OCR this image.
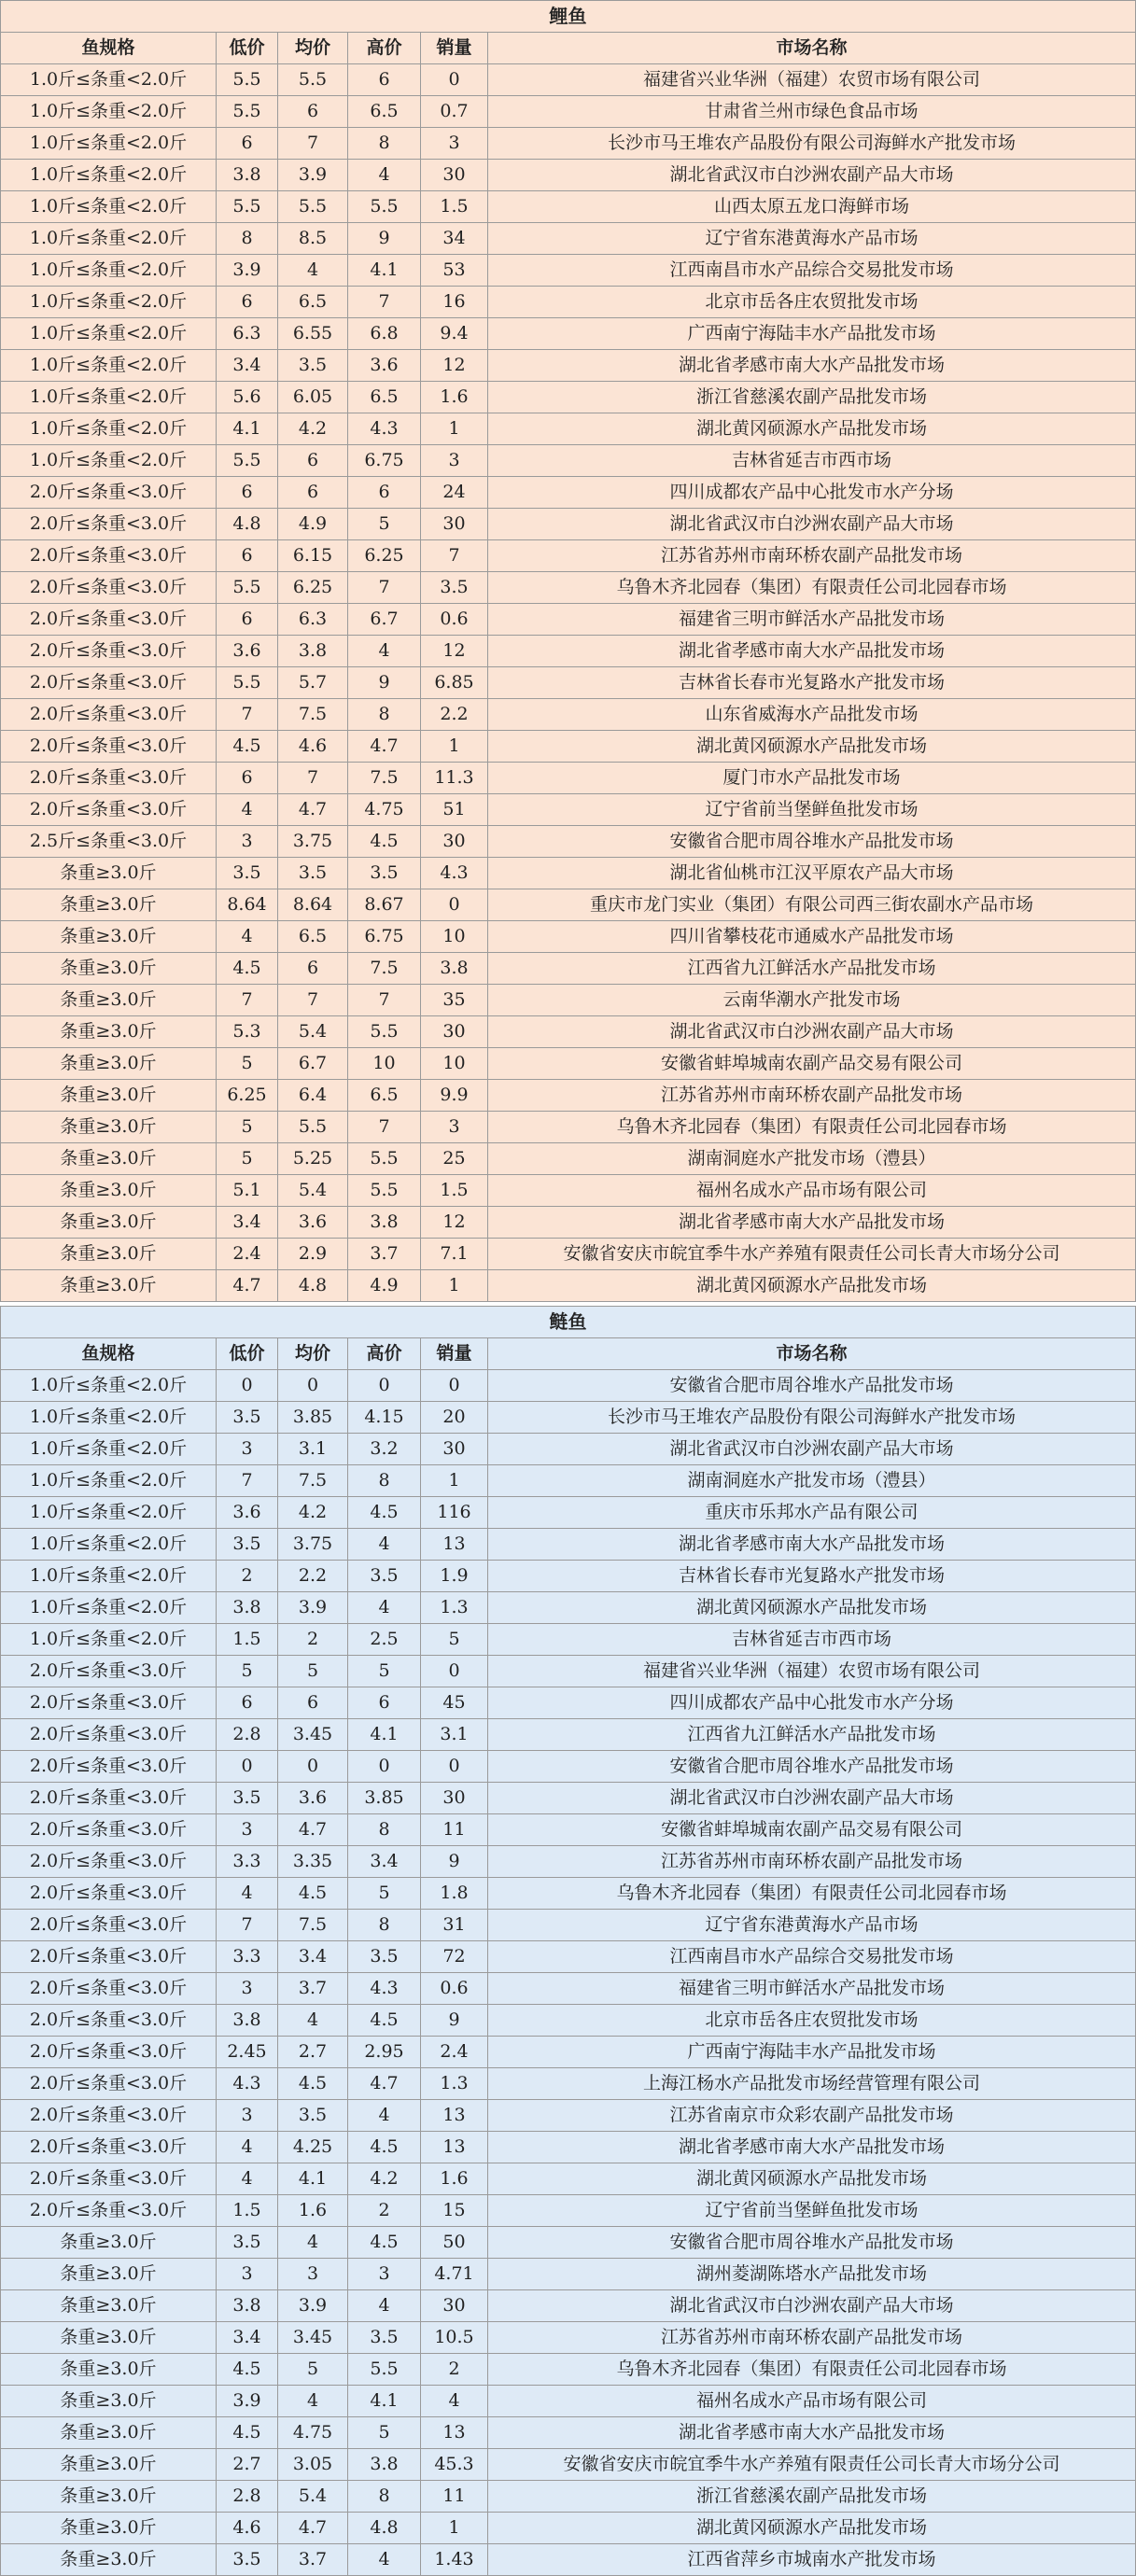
鲤鱼					
鱼规格	低价	均价	高价	销量	市场名称
1.0斤≤条重<2.0斤	5.5	5.5	6	0	福建省兴业华洲（福建）农贸市场有限公司
1.0斤≤条重<2.0斤	5.5	6	6.5	0.7	甘肃省兰州市绿色食品市场
1.0斤≤条重<2.0斤	6	7	8	3	长沙市马王堆农产品股份有限公司海鲜水产批发市场
1.0斤≤条重<2.0斤	3.8	3.9	4	30	湖北省武汉市白沙洲农副产品大市场
1.0斤≤条重<2.0斤	5.5	5.5	5.5	1.5	山西太原五龙口海鲜市场
1.0斤≤条重<2.0斤	8	8.5	9	34	辽宁省东港黄海水产品市场
1.0斤≤条重<2.0斤	3.9	4	4.1	53	江西南昌市水产品综合交易批发市场
1.0斤≤条重<2.0斤	6	6.5	7	16	北京市岳各庄农贸批发市场
1.0斤≤条重<2.0斤	6.3	6.55	6.8	9.4	广西南宁海陆丰水产品批发市场
1.0斤≤条重<2.0斤	3.4	3.5	3.6	12	湖北省孝感市南大水产品批发市场
1.0斤≤条重<2.0斤	5.6	6.05	6.5	1.6	浙江省慈溪农副产品批发市场
1.0斤≤条重<2.0斤	4.1	4.2	4.3	1	湖北黄冈硕源水产品批发市场
1.0斤≤条重<2.0斤	5.5	6	6.75	3	吉林省延吉市西市场
2.0斤≤条重<3.0斤	6	6	6	24	四川成都农产品中心批发市水产分场
2.0斤≤条重<3.0斤	4.8	4.9	5	30	湖北省武汉市白沙洲农副产品大市场
2.0斤≤条重<3.0斤	6	6.15	6.25	7	江苏省苏州市南环桥农副产品批发市场
2.0斤≤条重<3.0斤	5.5	6.25	7	3.5	乌鲁木齐北园春（集团）有限责任公司北园春市场
2.0斤≤条重<3.0斤	6	6.3	6.7	0.6	福建省三明市鲜活水产品批发市场
2.0斤≤条重<3.0斤	3.6	3.8	4	12	湖北省孝感市南大水产品批发市场
2.0斤≤条重<3.0斤	5.5	5.7	9	6.85	吉林省长春市光复路水产批发市场
2.0斤≤条重<3.0斤	7	7.5	8	2.2	山东省威海水产品批发市场
2.0斤≤条重<3.0斤	4.5	4.6	4.7	1	湖北黄冈硕源水产品批发市场
2.0斤≤条重<3.0斤	6	7	7.5	11.3	厦门市水产品批发市场
2.0斤≤条重<3.0斤	4	4.7	4.75	51	辽宁省前当堡鲜鱼批发市场
2.5斤≤条重<3.0斤	3	3.75	4.5	30	安徽省合肥市周谷堆水产品批发市场
条重≥3.0斤	3.5	3.5	3.5	4.3	湖北省仙桃市江汉平原农产品大市场
条重≥3.0斤	8.64	8.64	8.67	0	重庆市龙门实业（集团）有限公司西三街农副水产品市场
条重≥3.0斤	4	6.5	6.75	10	四川省攀枝花市通威水产品批发市场
条重≥3.0斤	4.5	6	7.5	3.8	江西省九江鲜活水产品批发市场
条重≥3.0斤	7	7	7	35	云南华潮水产批发市场
条重≥3.0斤	5.3	5.4	5.5	30	湖北省武汉市白沙洲农副产品大市场
条重≥3.0斤	5	6.7	10	10	安徽省蚌埠城南农副产品交易有限公司
条重≥3.0斤	6.25	6.4	6.5	9.9	江苏省苏州市南环桥农副产品批发市场
条重≥3.0斤	5	5.5	7	3	乌鲁木齐北园春（集团）有限责任公司北园春市场
条重≥3.0斤	5	5.25	5.5	25	湖南洞庭水产批发市场（澧县）
条重≥3.0斤	5.1	5.4	5.5	1.5	福州名成水产品市场有限公司
条重≥3.0斤	3.4	3.6	3.8	12	湖北省孝感市南大水产品批发市场
条重≥3.0斤	2.4	2.9	3.7	7.1	安徽省安庆市皖宜季牛水产养殖有限责任公司长青大市场分公司
条重≥3.0斤	4.7	4.8	4.9	1	湖北黄冈硕源水产品批发市场
鲢鱼					
鱼规格	低价	均价	高价	销量	市场名称
1.0斤≤条重<2.0斤	0	0	0	0	安徽省合肥市周谷堆水产品批发市场
1.0斤≤条重<2.0斤	3.5	3.85	4.15	20	长沙市马王堆农产品股份有限公司海鲜水产批发市场
1.0斤≤条重<2.0斤	3	3.1	3.2	30	湖北省武汉市白沙洲农副产品大市场
1.0斤≤条重<2.0斤	7	7.5	8	1	湖南洞庭水产批发市场（澧县）
1.0斤≤条重<2.0斤	3.6	4.2	4.5	116	重庆市乐邦水产品有限公司
1.0斤≤条重<2.0斤	3.5	3.75	4	13	湖北省孝感市南大水产品批发市场
1.0斤≤条重<2.0斤	2	2.2	3.5	1.9	吉林省长春市光复路水产批发市场
1.0斤≤条重<2.0斤	3.8	3.9	4	1.3	湖北黄冈硕源水产品批发市场
1.0斤≤条重<2.0斤	1.5	2	2.5	5	吉林省延吉市西市场
2.0斤≤条重<3.0斤	5	5	5	0	福建省兴业华洲（福建）农贸市场有限公司
2.0斤≤条重<3.0斤	6	6	6	45	四川成都农产品中心批发市水产分场
2.0斤≤条重<3.0斤	2.8	3.45	4.1	3.1	江西省九江鲜活水产品批发市场
2.0斤≤条重<3.0斤	0	0	0	0	安徽省合肥市周谷堆水产品批发市场
2.0斤≤条重<3.0斤	3.5	3.6	3.85	30	湖北省武汉市白沙洲农副产品大市场
2.0斤≤条重<3.0斤	3	4.7	8	11	安徽省蚌埠城南农副产品交易有限公司
2.0斤≤条重<3.0斤	3.3	3.35	3.4	9	江苏省苏州市南环桥农副产品批发市场
2.0斤≤条重<3.0斤	4	4.5	5	1.8	乌鲁木齐北园春（集团）有限责任公司北园春市场
2.0斤≤条重<3.0斤	7	7.5	8	31	辽宁省东港黄海水产品市场
2.0斤≤条重<3.0斤	3.3	3.4	3.5	72	江西南昌市水产品综合交易批发市场
2.0斤≤条重<3.0斤	3	3.7	4.3	0.6	福建省三明市鲜活水产品批发市场
2.0斤≤条重<3.0斤	3.8	4	4.5	9	北京市岳各庄农贸批发市场
2.0斤≤条重<3.0斤	2.45	2.7	2.95	2.4	广西南宁海陆丰水产品批发市场
2.0斤≤条重<3.0斤	4.3	4.5	4.7	1.3	上海江杨水产品批发市场经营管理有限公司
2.0斤≤条重<3.0斤	3	3.5	4	13	江苏省南京市众彩农副产品批发市场
2.0斤≤条重<3.0斤	4	4.25	4.5	13	湖北省孝感市南大水产品批发市场
2.0斤≤条重<3.0斤	4	4.1	4.2	1.6	湖北黄冈硕源水产品批发市场
2.0斤≤条重<3.0斤	1.5	1.6	2	15	辽宁省前当堡鲜鱼批发市场
条重≥3.0斤	3.5	4	4.5	50	安徽省合肥市周谷堆水产品批发市场
条重≥3.0斤	3	3	3	4.71	湖州菱湖陈塔水产品批发市场
条重≥3.0斤	3.8	3.9	4	30	湖北省武汉市白沙洲农副产品大市场
条重≥3.0斤	3.4	3.45	3.5	10.5	江苏省苏州市南环桥农副产品批发市场
条重≥3.0斤	4.5	5	5.5	2	乌鲁木齐北园春（集团）有限责任公司北园春市场
条重≥3.0斤	3.9	4	4.1	4	福州名成水产品市场有限公司
条重≥3.0斤	4.5	4.75	5	13	湖北省孝感市南大水产品批发市场
条重≥3.0斤	2.7	3.05	3.8	45.3	安徽省安庆市皖宜季牛水产养殖有限责任公司长青大市场分公司
条重≥3.0斤	2.8	5.4	8	11	浙江省慈溪农副产品批发市场
条重≥3.0斤	4.6	4.7	4.8	1	湖北黄冈硕源水产品批发市场
条重≥3.0斤	3.5	3.7	4	1.43	江西省萍乡市城南水产批发市场
